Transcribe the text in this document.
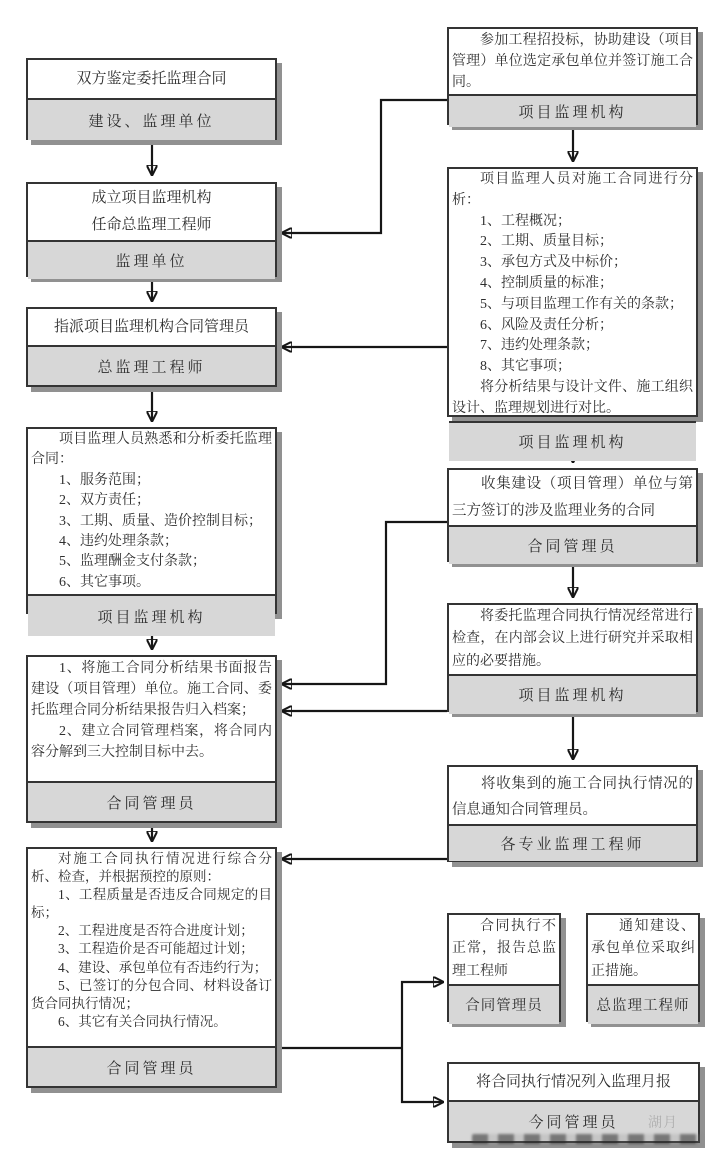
双方鉴定委托监理合同

建设、监理单位

成立项目监理机构

任命总监理工程师

监理单位

指派项目监理机构合同管理员

总监理工程师

项目监理人员熟悉和分析委托监理合同：

1、服务范围；

2、双方责任；

3、工期、质量、造价控制目标；

4、违约处理条款；

5、监理酬金支付条款；

6、其它事项。

项目监理机构

1、将施工合同分析结果书面报告建设（项目管理）单位。施工合同、委托监理合同分析结果报告归入档案；

2、建立合同管理档案，将合同内容分解到三大控制目标中去。

合同管理员

对施工合同执行情况进行综合分析、检查，并根据预控的原则：

1、工程质量是否违反合同规定的目标；

2、工程进度是否符合进度计划；

3、工程造价是否可能超过计划；

4、建设、承包单位有否违约行为；

5、已签订的分包合同、材料设备订货合同执行情况；

6、其它有关合同执行情况。

合同管理员

参加工程招投标，协助建设（项目管理）单位选定承包单位并签订施工合同。

项目监理机构

项目监理人员对施工合同进行分析：

1、工程概况；

2、工期、质量目标；

3、承包方式及中标价；

4、控制质量的标准；

5、与项目监理工作有关的条款；

6、风险及责任分析；

7、违约处理条款；

8、其它事项；

将分析结果与设计文件、施工组织设计、监理规划进行对比。

项目监理机构

收集建设（项目管理）单位与第三方签订的涉及监理业务的合同

合同管理员

将委托监理合同执行情况经常进行检查，在内部会议上进行研究并采取相应的必要措施。

项目监理机构

将收集到的施工合同执行情况的信息通知合同管理员。

各专业监理工程师

合同执行不正常，报告总监理工程师

合同管理员

通知建设、承包单位采取纠正措施。

总监理工程师

将合同执行情况列入监理月报

今同管理员	湖月
